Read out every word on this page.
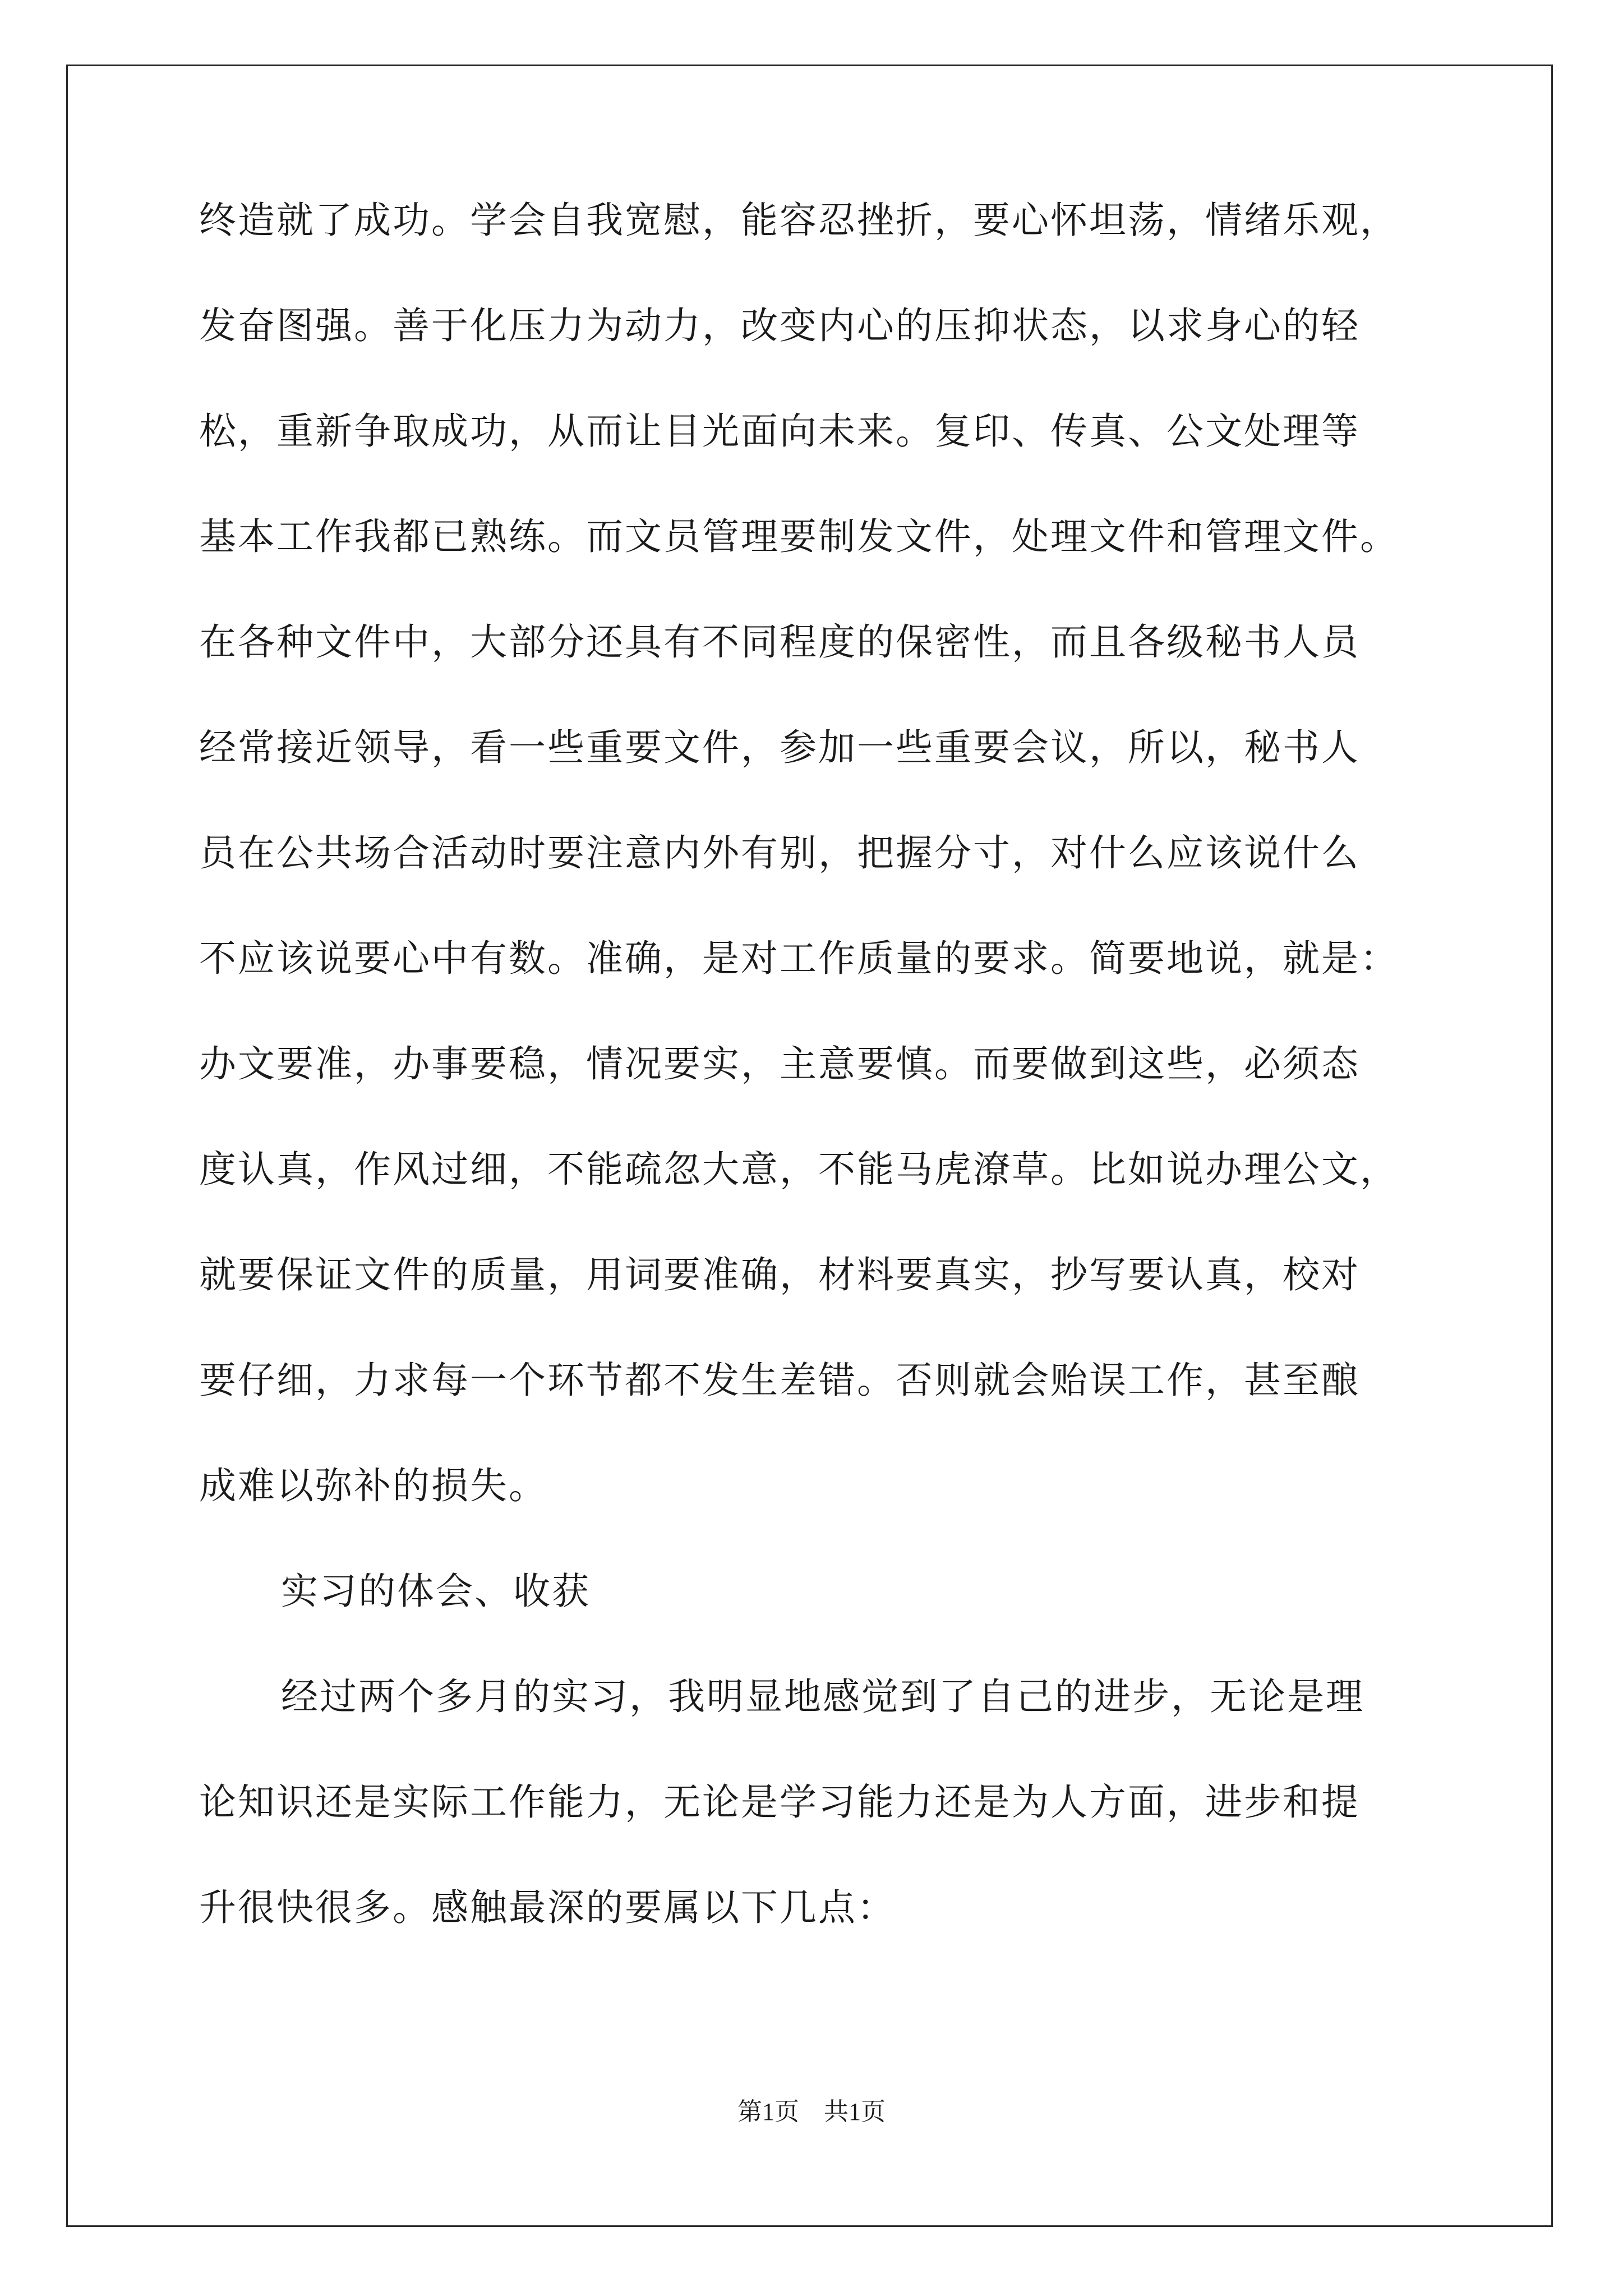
终造就了成功。学会自我宽慰，能容忍挫折，要心怀坦荡，情绪乐观，
发奋图强。善于化压力为动力，改变内心的压抑状态，以求身心的轻
松，重新争取成功，从而让目光面向未来。复印、传真、公文处理等
基本工作我都已熟练。而文员管理要制发文件，处理文件和管理文件。
在各种文件中，大部分还具有不同程度的保密性，而且各级秘书人员
经常接近领导，看一些重要文件，参加一些重要会议，所以，秘书人
员在公共场合活动时要注意内外有别，把握分寸，对什么应该说什么
不应该说要心中有数。准确，是对工作质量的要求。简要地说，就是：
办文要准，办事要稳，情况要实，主意要慎。而要做到这些，必须态
度认真，作风过细，不能疏忽大意，不能马虎潦草。比如说办理公文，
就要保证文件的质量，用词要准确，材料要真实，抄写要认真，校对
要仔细，力求每一个环节都不发生差错。否则就会贻误工作，甚至酿
成难以弥补的损失。
实习的体会、收获
经过两个多月的实习，我明显地感觉到了自己的进步，无论是理
论知识还是实际工作能力，无论是学习能力还是为人方面，进步和提
升很快很多。感触最深的要属以下几点：
第1页　共1页
